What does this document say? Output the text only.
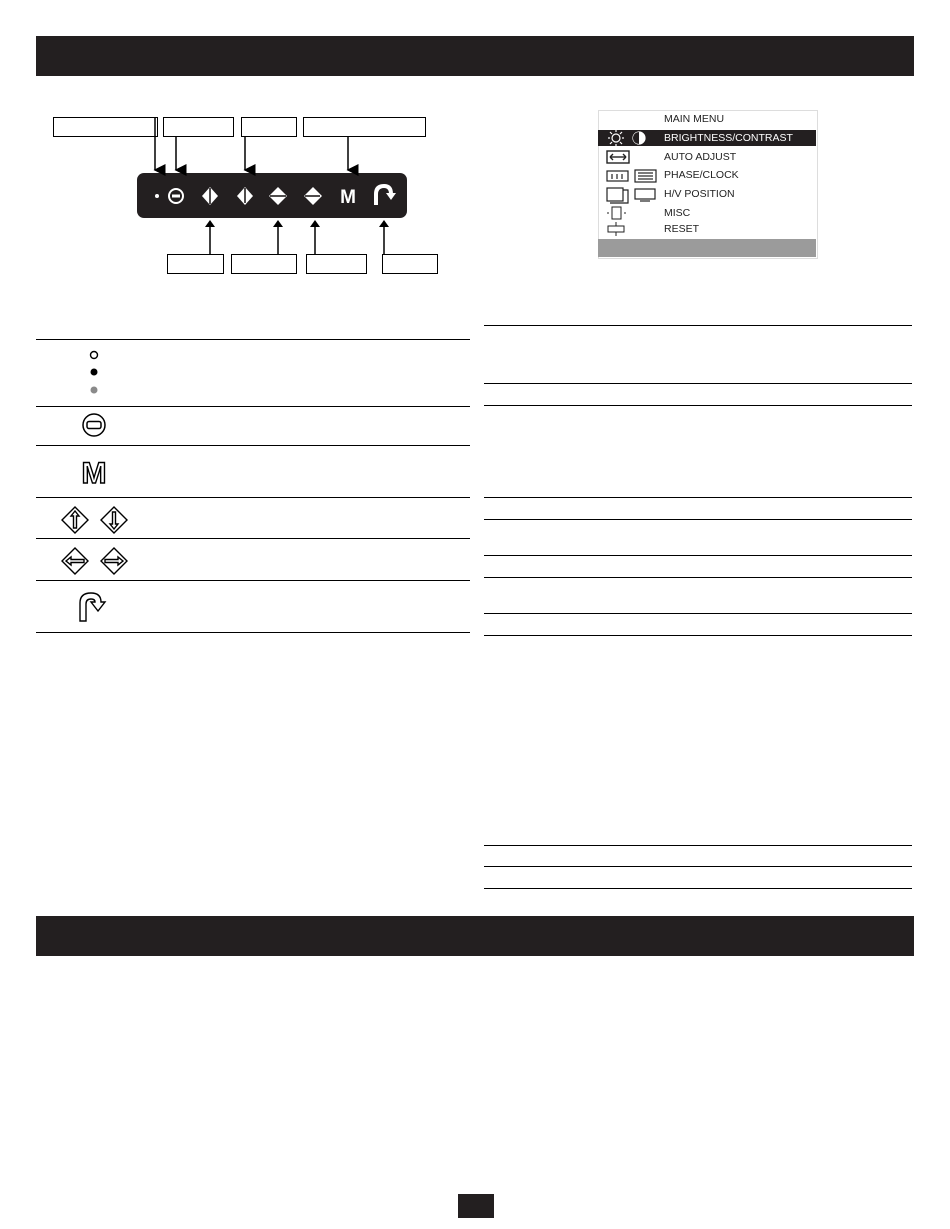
M
MAIN MENU
BRIGHTNESS/CONTRAST
AUTO ADJUST
PHASE/CLOCK
H/V POSITION
MISC
RESET
M
